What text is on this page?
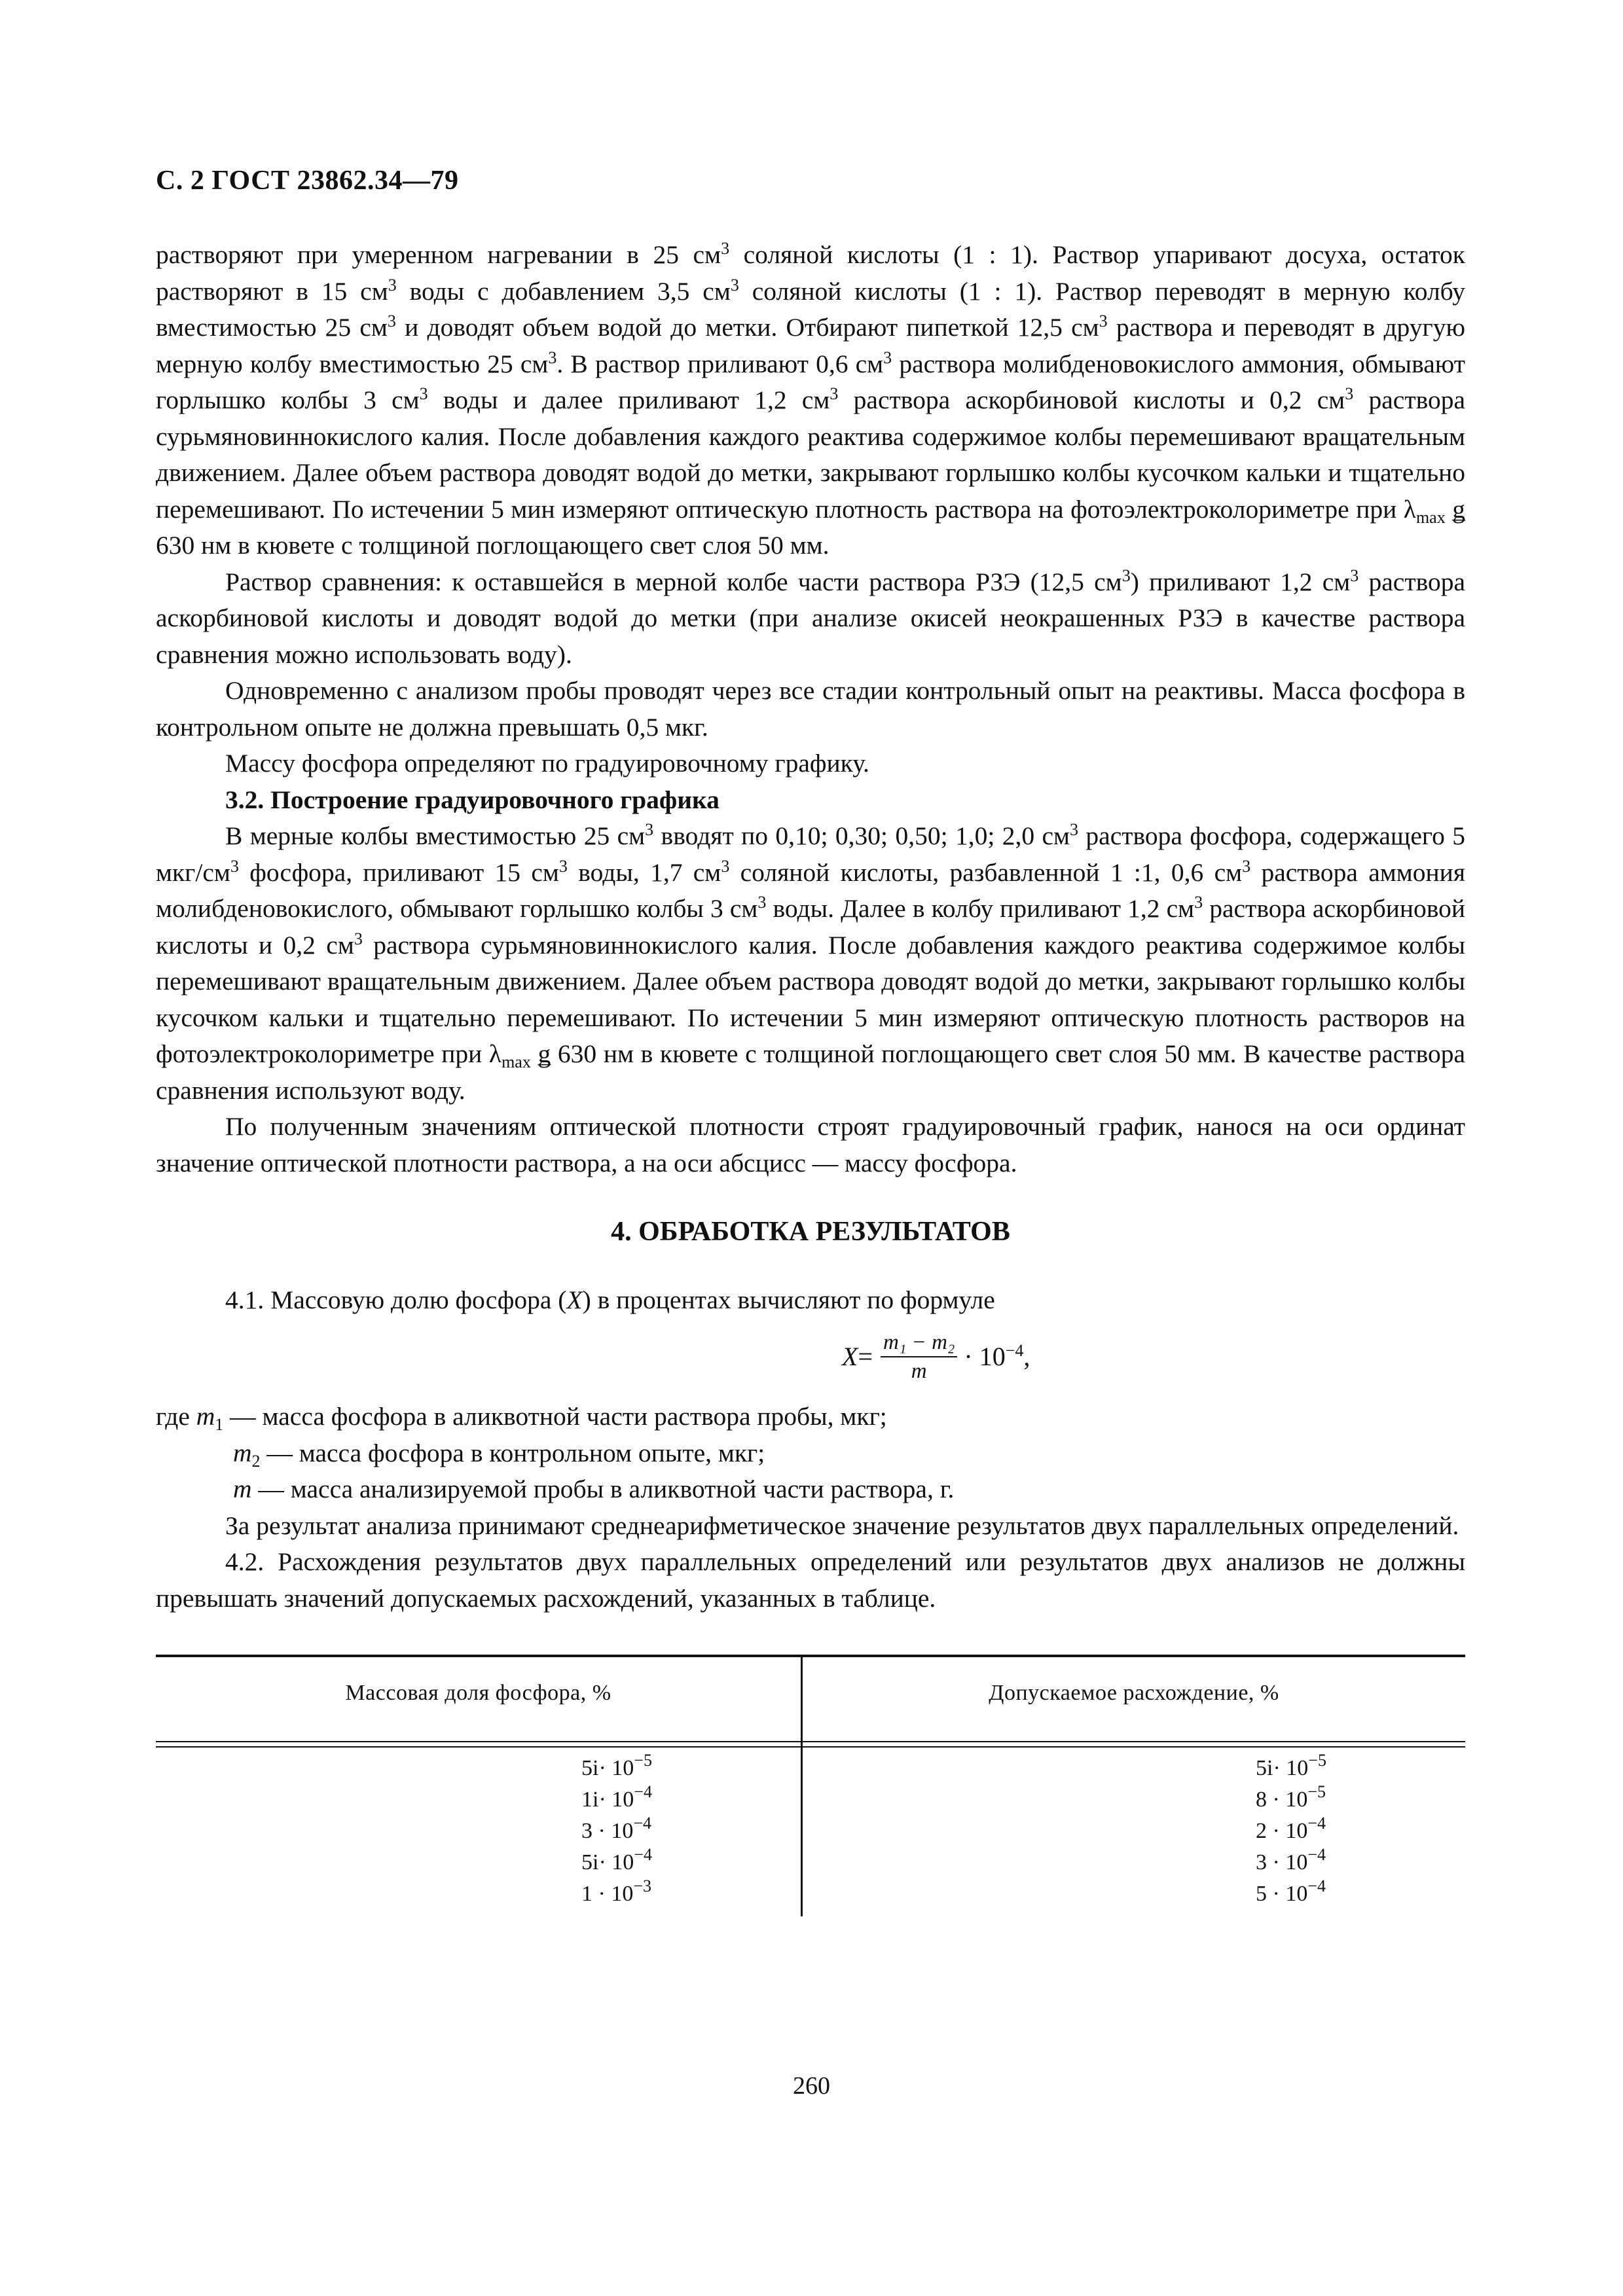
С. 2 ГОСТ 23862.34—79

растворяют при умеренном нагревании в 25 $см^3$ соляной кислоты (1 : 1). Раствор упаривают досуха, остаток растворяют в 15 $см^3$ воды с добавлением 3,5 $см^3$ соляной кислоты (1 : 1). Раствор переводят в мерную колбу вместимостью 25 $см^3$ и доводят объем водой до метки. Отбирают пипеткой 12,5 $см^3$ раствора и переводят в другую мерную колбу вместимостью 25 $см^3$. В раствор приливают 0,6 $см^3$ раствора молибденовокислого аммония, обмывают горлышко колбы 3 $см^3$ воды и далее приливают 1,2 $см^3$ раствора аскорбиновой кислоты и 0,2 $см^3$ раствора сурьмяновиннокислого калия. После добавления каждого реактива содержимое колбы перемешивают вращательным движением. Далее объем раствора доводят водой до метки, закрывают горлышко колбы кусочком кальки и тщательно перемешивают. По истечении 5 мин измеряют оптическую плотность раствора на фотоэлектроколориметре при $\lambda_{max}$ ǥ 630 нм в кювете с толщиной поглощающего свет слоя 50 мм.

Раствор сравнения: к оставшейся в мерной колбе части раствора РЗЭ (12,5 $см^3$) приливают 1,2 $см^3$ раствора аскорбиновой кислоты и доводят водой до метки (при анализе окисей неокрашенных РЗЭ в качестве раствора сравнения можно использовать воду).

Одновременно с анализом пробы проводят через все стадии контрольный опыт на реактивы. Масса фосфора в контрольном опыте не должна превышать 0,5 мкг.

Массу фосфора определяют по градуировочному графику.

3.2. Построение градуировочного графика

В мерные колбы вместимостью 25 $см^3$ вводят по 0,10; 0,30; 0,50; 1,0; 2,0 $см^3$ раствора фосфора, содержащего 5 мкг/$см^3$ фосфора, приливают 15 $см^3$ воды, 1,7 $см^3$ соляной кислоты, разбавленной 1 :1, 0,6 $см^3$ раствора аммония молибденовокислого, обмывают горлышко колбы 3 $см^3$ воды. Далее в колбу приливают 1,2 $см^3$ раствора аскорбиновой кислоты и 0,2 $см^3$ раствора сурьмяновиннокислого калия. После добавления каждого реактива содержимое колбы перемешивают вращательным движением. Далее объем раствора доводят водой до метки, закрывают горлышко колбы кусочком кальки и тщательно перемешивают. По истечении 5 мин измеряют оптическую плотность растворов на фотоэлектроколориметре при $\lambda_{max}$ ǥ 630 нм в кювете с толщиной поглощающего свет слоя 50 мм. В качестве раствора сравнения используют воду.

По полученным значениям оптической плотности строят градуировочный график, нанося на оси ординат значение оптической плотности раствора, а на оси абсцисс — массу фосфора.

4. ОБРАБОТКА РЕЗУЛЬТАТОВ

4.1. Массовую долю фосфора (X) в процентах вычисляют по формуле

$X = \frac{\text{m₁ − m₂}}{m} \cdot 10^{-4}$,

где $m_1$ — масса фосфора в аликвотной части раствора пробы, мкг;

$m_2$ — масса фосфора в контрольном опыте, мкг;

m — масса анализируемой пробы в аликвотной части раствора, г.

За результат анализа принимают среднеарифметическое значение результатов двух параллельных определений.

4.2. Расхождения результатов двух параллельных определений или результатов двух анализов не должны превышать значений допускаемых расхождений, указанных в таблице.

Массовая доля фосфора, %	Допускаемое расхождение, %
$5i\cdot 10^{-5}$
$1i\cdot 10^{-4}$
$3 \cdot 10^{-4}$
$5i\cdot 10^{-4}$
$1 \cdot 10^{-3}$
$5i\cdot 10^{-5}$
$8 \cdot 10^{-5}$
$2 \cdot 10^{-4}$
$3 \cdot 10^{-4}$
$5 \cdot 10^{-4}$
260
